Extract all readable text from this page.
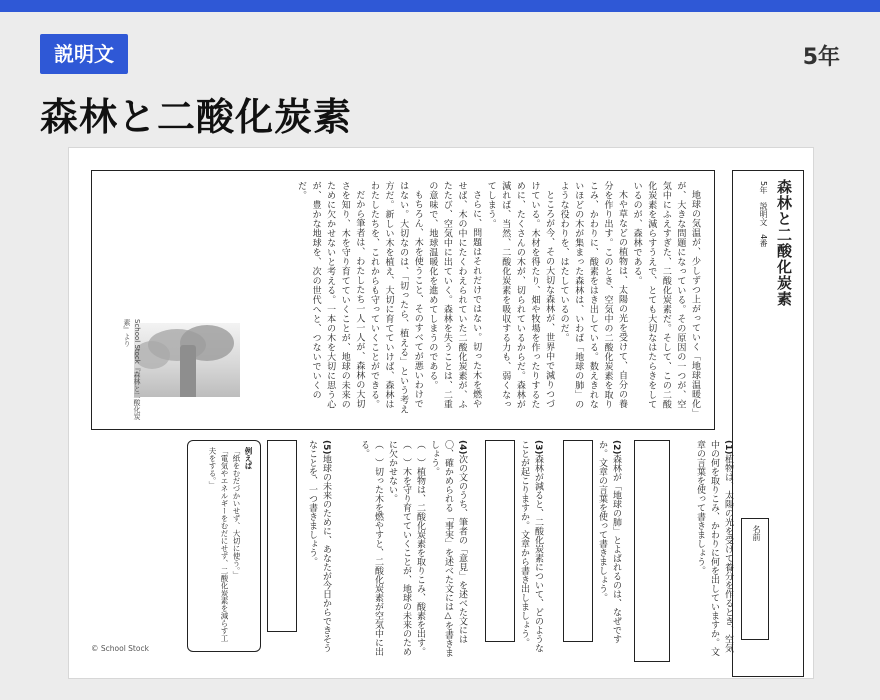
説明文	5年
森林と二酸化炭素
森林と二酸化炭素
5年　説明文　4番
名前

地球の気温が、少しずつ上がっていく「地球温暖化」が、大きな問題になっている。その原因の一つが、空気中にふえすぎた、二酸化炭素だ。そして、この二酸化炭素を減らすうえで、とても大切なはたらきをしているのが、森林である。

木や草などの植物は、太陽の光を受けて、自分の養分を作り出す。このとき、空気中の二酸化炭素を取りこみ、かわりに、酸素をはき出している。数えきれないほどの木が集まった森林は、いわば「地球の肺」のような役わりを、はたしているのだ。

ところが今、その大切な森林が、世界中で減りつづけている。木材を得たり、畑や牧場を作ったりするために、たくさんの木が、切られているからだ。森林が減れば、当然、二酸化炭素を吸収する力も、弱くなってしまう。

さらに、問題はそれだけではない。切った木を燃やせば、木の中にたくわえられていた二酸化炭素が、ふたたび、空気中に出ていく。森林を失うことは、二重の意味で、地球温暖化を進めてしまうのである。

もちろん、木を使うこと、そのすべてが悪いわけではない。大切なのは、「切ったら、植える」という考え方だ。新しい木を植え、大切に育てていけば、森林はわたしたちを、これからも守っていくことができる。

だから筆者は、わたしたち一人一人が、森林の大切さを知り、木を守り育てていくことが、地球の未来のために欠かせないと考える。一本の木を大切に思う心が、豊かな地球を、次の世代へと、つないでいくのだ。

School Stock『森林と二酸化炭素』より

(1)植物は、太陽の光を受けて養分を作るとき、空気中の何を取りこみ、かわりに何を出していますか。文章の言葉を使って書きましょう。

(2)森林が「地球の肺」とよばれるのは、なぜですか。文章の言葉を使って書きましょう。

(3)森林が減ると、二酸化炭素について、どのようなことが起こりますか。文章から書き出しましょう。

(4)次の文のうち、筆者の「意見」を述べた文には〇、確かめられる「事実」を述べた文には△を書きましょう。

（　）植物は、二酸化炭素を取りこみ、酸素を出す。

（　）木を守り育てていくことが、地球の未来のために欠かせない。

（　）切った木を燃やすと、二酸化炭素が空気中に出る。

(5)地球の未来のために、あなたが今日からできそうなことを、一つ書きましょう。

例えば
「紙をむだづかいせず、大切に使う。」
「電気やエネルギーをむだにせず、二酸化炭素を減らす工夫をする。」
© School Stock
